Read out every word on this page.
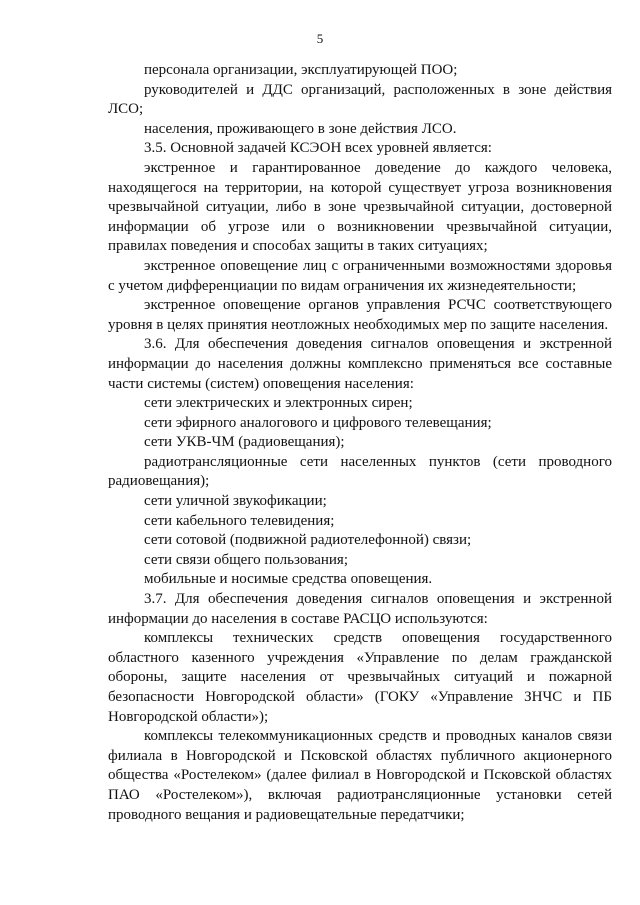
5

персонала организации, эксплуатирующей ПОО;

руководителей и ДДС организаций, расположенных в зоне действия ЛСО;

населения, проживающего в зоне действия ЛСО.

3.5. Основной задачей КСЭОН всех уровней является:

экстренное и гарантированное доведение до каждого человека, находящегося на территории, на которой существует угроза возникновения чрезвычайной ситуации, либо в зоне чрезвычайной ситуации, достоверной информации об угрозе или о возникновении чрезвычайной ситуации, правилах поведения и способах защиты в таких ситуациях;

экстренное оповещение лиц с ограниченными возможностями здоровья с учетом дифференциации по видам ограничения их жизнедеятельности;

экстренное оповещение органов управления РСЧС соответствующего уровня в целях принятия неотложных необходимых мер по защите населения.

3.6. Для обеспечения доведения сигналов оповещения и экстренной информации до населения должны комплексно применяться все составные части системы (систем) оповещения населения:

сети электрических и электронных сирен;

сети эфирного аналогового и цифрового телевещания;

сети УКВ-ЧМ (радиовещания);

радиотрансляционные сети населенных пунктов (сети проводного радиовещания);

сети уличной звукофикации;

сети кабельного телевидения;

сети сотовой (подвижной радиотелефонной) связи;

сети связи общего пользования;

мобильные и носимые средства оповещения.

3.7. Для обеспечения доведения сигналов оповещения и экстренной информации до населения в составе РАСЦО используются:

комплексы технических средств оповещения государственного областного казенного учреждения «Управление по делам гражданской обороны, защите населения от чрезвычайных ситуаций и пожарной безопасности Новгородской области» (ГОКУ «Управление ЗНЧС и ПБ Новгородской области»);

комплексы телекоммуникационных средств и проводных каналов связи филиала в Новгородской и Псковской областях публичного акционерного общества «Ростелеком» (далее филиал в Новгородской и Псковской областях ПАО «Ростелеком»), включая радиотрансляционные установки сетей проводного вещания и радиовещательные передатчики;
